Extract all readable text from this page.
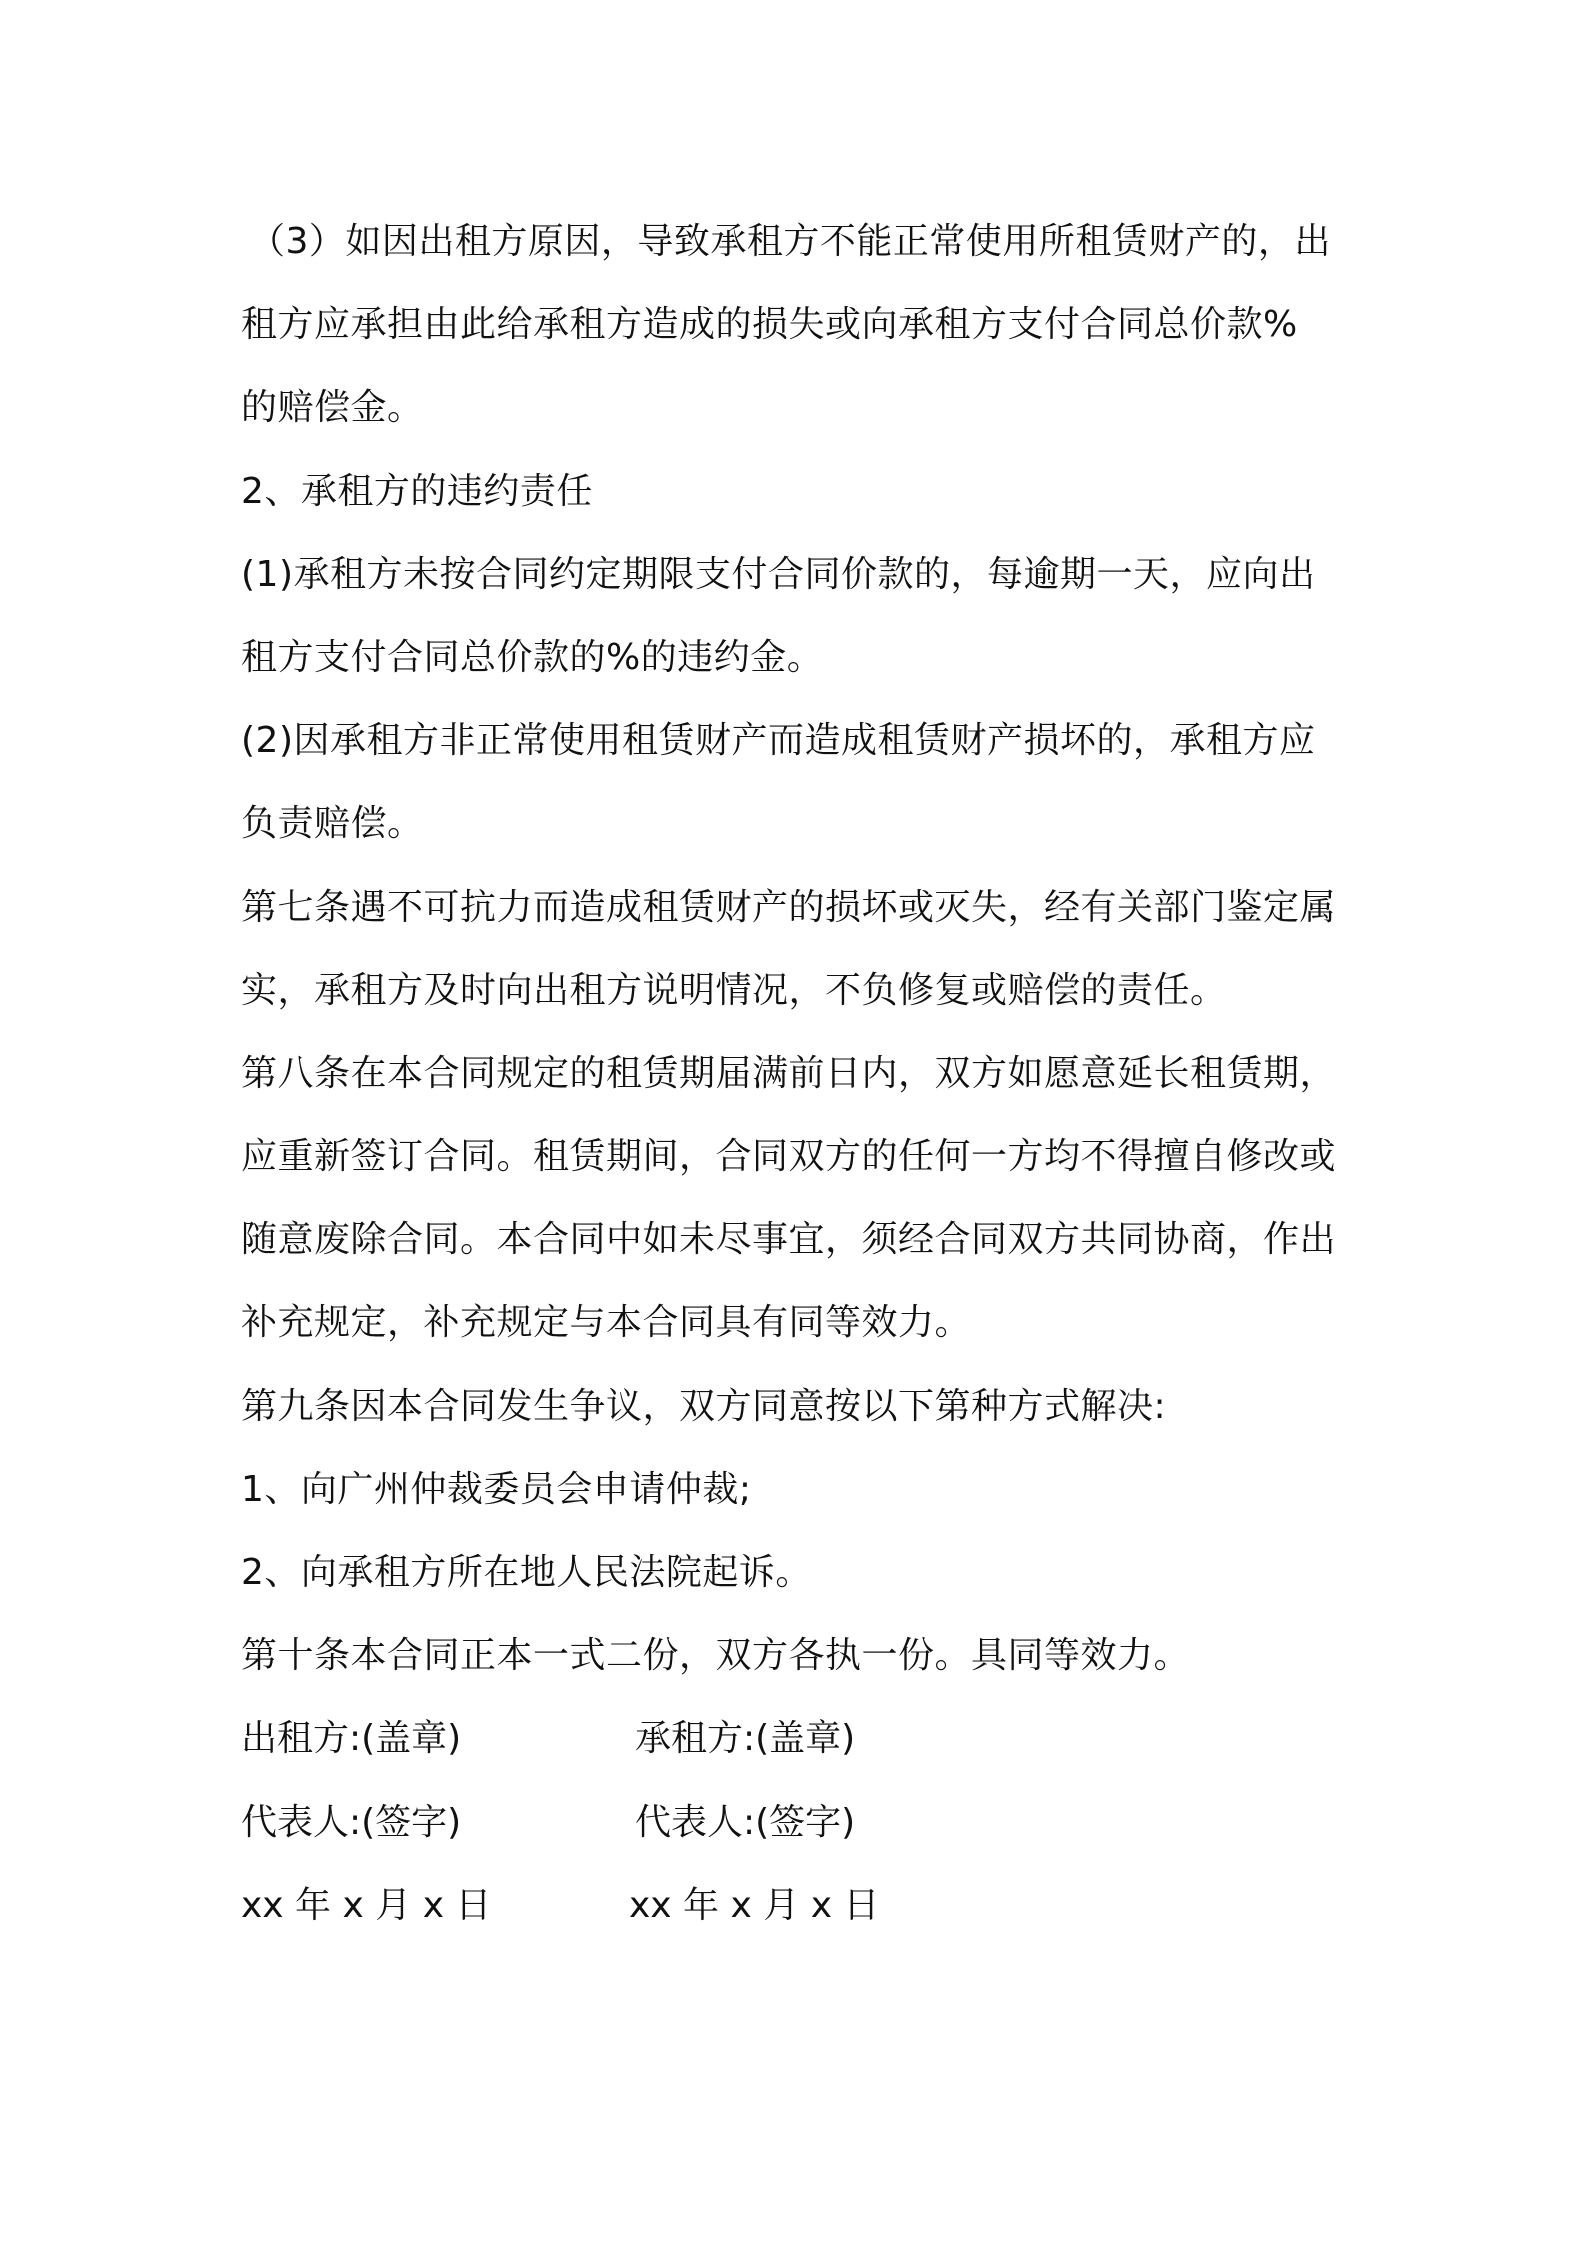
（3）如因出租方原因，导致承租方不能正常使用所租赁财产的，出
租方应承担由此给承租方造成的损失或向承租方支付合同总价款%
的赔偿金。
2、承租方的违约责任
(1)承租方未按合同约定期限支付合同价款的，每逾期一天，应向出
租方支付合同总价款的%的违约金。
(2)因承租方非正常使用租赁财产而造成租赁财产损坏的，承租方应
负责赔偿。
第七条遇不可抗力而造成租赁财产的损坏或灭失，经有关部门鉴定属
实，承租方及时向出租方说明情况，不负修复或赔偿的责任。
第八条在本合同规定的租赁期届满前日内，双方如愿意延长租赁期，
应重新签订合同。租赁期间，合同双方的任何一方均不得擅自修改或
随意废除合同。本合同中如未尽事宜，须经合同双方共同协商，作出
补充规定，补充规定与本合同具有同等效力。
第九条因本合同发生争议，双方同意按以下第种方式解决:
1、向广州仲裁委员会申请仲裁;
2、向承租方所在地人民法院起诉。
第十条本合同正本一式二份，双方各执一份。具同等效力。
出租方:(盖章)	承租方:(盖章)
代表人:(签字)	代表人:(签字)
xx 年 x 月 x 日	xx 年 x 月 x 日
